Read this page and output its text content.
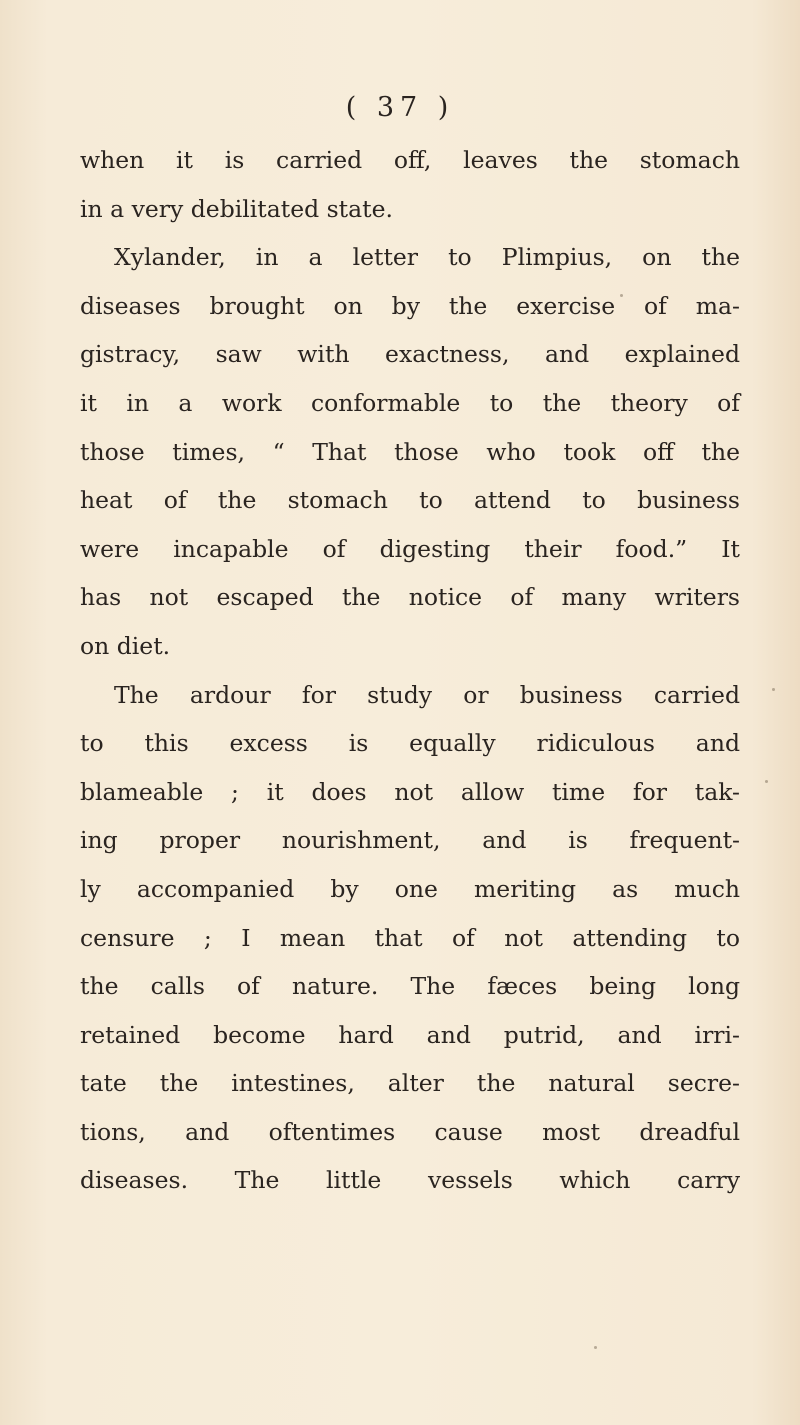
( 37 )
when it is carried off, leaves the stomach
in a very debilitated state.
Xylander, in a letter to Plimpius, on the
diseases brought on by the exercise of ma-
gistracy, saw with exactness, and explained
it in a work conformable to the theory of
those times, “ That those who took off the
heat of the stomach to attend to business
were incapable of digesting their food.” It
has not escaped the notice of many writers
on diet.
The ardour for study or business carried
to this excess is equally ridiculous and
blameable ; it does not allow time for tak-
ing proper nourishment, and is frequent-
ly accompanied by one meriting as much
censure ; I mean that of not attending to
the calls of nature. The fæces being long
retained become hard and putrid, and irri-
tate the intestines, alter the natural secre-
tions, and oftentimes cause most dreadful
diseases. The little vessels which carry
